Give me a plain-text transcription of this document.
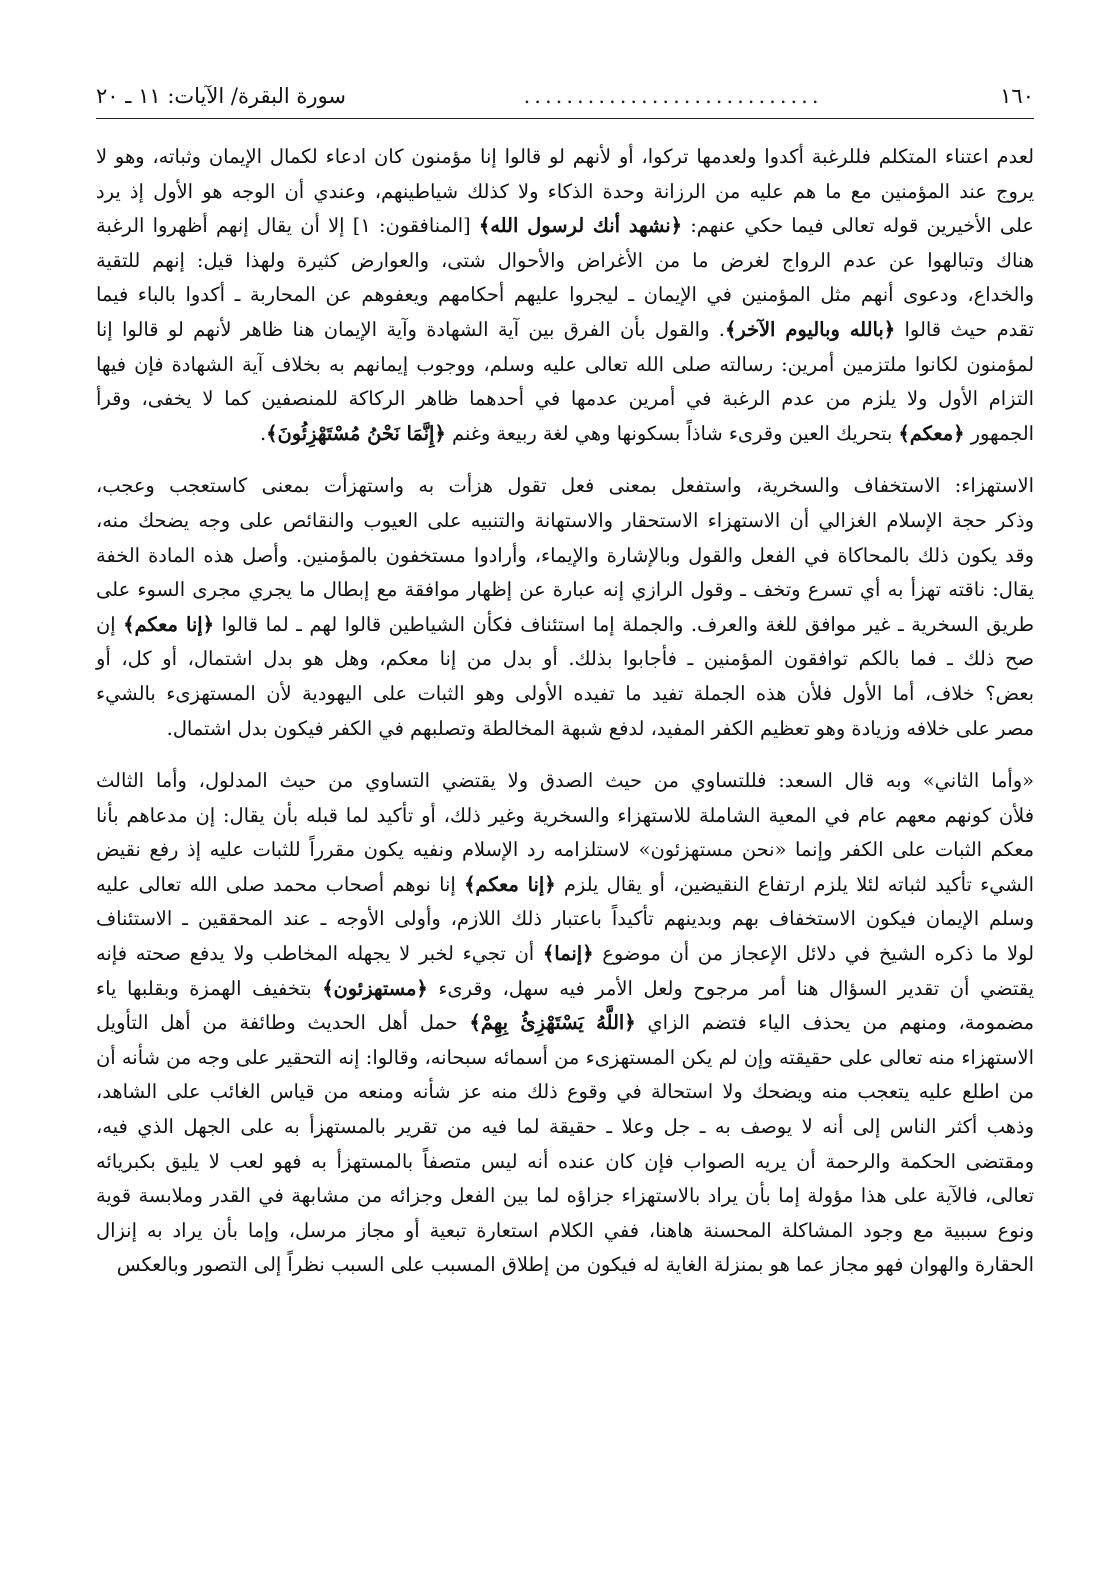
١٦٠
............................
سورة البقرة/ الآيات: ١١ ـ ٢٠
لعدم اعتناء المتكلم فللرغبة أكدوا ولعدمها تركوا، أو لأنهم لو قالوا إنا مؤمنون كان ادعاء لكمال الإيمان وثباته، وهو لا
يروج عند المؤمنين مع ما هم عليه من الرزانة وحدة الذكاء ولا كذلك شياطينهم، وعندي أن الوجه هو الأول إذ يرد
على الأخيرين قوله تعالى فيما حكي عنهم: ﴿نشهد أنك لرسول الله﴾ [المنافقون: ١] إلا أن يقال إنهم أظهروا الرغبة
هناك وتبالهوا عن عدم الرواج لغرض ما من الأغراض والأحوال شتى، والعوارض كثيرة ولهذا قيل: إنهم للتقية
والخداع، ودعوى أنهم مثل المؤمنين في الإيمان ـ ليجروا عليهم أحكامهم ويعفوهم عن المحاربة ـ أكدوا بالباء فيما
تقدم حيث قالوا ﴿بالله وباليوم الآخر﴾. والقول بأن الفرق بين آية الشهادة وآية الإيمان هنا ظاهر لأنهم لو قالوا إنا
لمؤمنون لكانوا ملتزمين أمرين: رسالته صلى الله تعالى عليه وسلم، ووجوب إيمانهم به بخلاف آية الشهادة فإن فيها
التزام الأول ولا يلزم من عدم الرغبة في أمرين عدمها في أحدهما ظاهر الركاكة للمنصفين كما لا يخفى، وقرأ
الجمهور ﴿معكم﴾ بتحريك العين وقرىء شاذاً بسكونها وهي لغة ربيعة وغنم ﴿إِنَّمَا نَحْنُ مُسْتَهْزِئُونَ﴾.
الاستهزاء: الاستخفاف والسخرية، واستفعل بمعنى فعل تقول هزأت به واستهزأت بمعنى كاستعجب وعجب،
وذكر حجة الإسلام الغزالي أن الاستهزاء الاستحقار والاستهانة والتنبيه على العيوب والنقائص على وجه يضحك منه،
وقد يكون ذلك بالمحاكاة في الفعل والقول وبالإشارة والإيماء، وأرادوا مستخفون بالمؤمنين. وأصل هذه المادة الخفة
يقال: ناقته تهزأ به أي تسرع وتخف ـ وقول الرازي إنه عبارة عن إظهار موافقة مع إبطال ما يجري مجرى السوء على
طريق السخرية ـ غير موافق للغة والعرف. والجملة إما استئناف فكأن الشياطين قالوا لهم ـ لما قالوا ﴿إنا معكم﴾ إن
صح ذلك ـ فما بالكم توافقون المؤمنين ـ فأجابوا بذلك. أو بدل من إنا معكم، وهل هو بدل اشتمال، أو كل، أو
بعض؟ خلاف، أما الأول فلأن هذه الجملة تفيد ما تفيده الأولى وهو الثبات على اليهودية لأن المستهزىء بالشيء
مصر على خلافه وزيادة وهو تعظيم الكفر المفيد، لدفع شبهة المخالطة وتصلبهم في الكفر فيكون بدل اشتمال.
«وأما الثاني» وبه قال السعد: فللتساوي من حيث الصدق ولا يقتضي التساوي من حيث المدلول، وأما الثالث
فلأن كونهم معهم عام في المعية الشاملة للاستهزاء والسخرية وغير ذلك، أو تأكيد لما قبله بأن يقال: إن مدعاهم بأنا
معكم الثبات على الكفر وإنما «نحن مستهزئون» لاستلزامه رد الإسلام ونفيه يكون مقرراً للثبات عليه إذ رفع نقيض
الشيء تأكيد لثباته لئلا يلزم ارتفاع النقيضين، أو يقال يلزم ﴿إنا معكم﴾ إنا نوهم أصحاب محمد صلى الله تعالى عليه
وسلم الإيمان فيكون الاستخفاف بهم وبدينهم تأكيداً باعتبار ذلك اللازم، وأولى الأوجه ـ عند المحققين ـ الاستئناف
لولا ما ذكره الشيخ في دلائل الإعجاز من أن موضوع ﴿إنما﴾ أن تجيء لخبر لا يجهله المخاطب ولا يدفع صحته فإنه
يقتضي أن تقدير السؤال هنا أمر مرجوح ولعل الأمر فيه سهل، وقرىء ﴿مستهزئون﴾ بتخفيف الهمزة وبقلبها ياء
مضمومة، ومنهم من يحذف الياء فتضم الزاي ﴿اللَّهُ يَسْتَهْزِئُ بِهِمْ﴾ حمل أهل الحديث وطائفة من أهل التأويل
الاستهزاء منه تعالى على حقيقته وإن لم يكن المستهزىء من أسمائه سبحانه، وقالوا: إنه التحقير على وجه من شأنه أن
من اطلع عليه يتعجب منه ويضحك ولا استحالة في وقوع ذلك منه عز شأنه ومنعه من قياس الغائب على الشاهد،
وذهب أكثر الناس إلى أنه لا يوصف به ـ جل وعلا ـ حقيقة لما فيه من تقرير بالمستهزأ به على الجهل الذي فيه،
ومقتضى الحكمة والرحمة أن يريه الصواب فإن كان عنده أنه ليس متصفاً بالمستهزأ به فهو لعب لا يليق بكبريائه
تعالى، فالآية على هذا مؤولة إما بأن يراد بالاستهزاء جزاؤه لما بين الفعل وجزائه من مشابهة في القدر وملابسة قوية
ونوع سببية مع وجود المشاكلة المحسنة هاهنا، ففي الكلام استعارة تبعية أو مجاز مرسل، وإما بأن يراد به إنزال
الحقارة والهوان فهو مجاز عما هو بمنزلة الغاية له فيكون من إطلاق المسبب على السبب نظراً إلى التصور وبالعكس
